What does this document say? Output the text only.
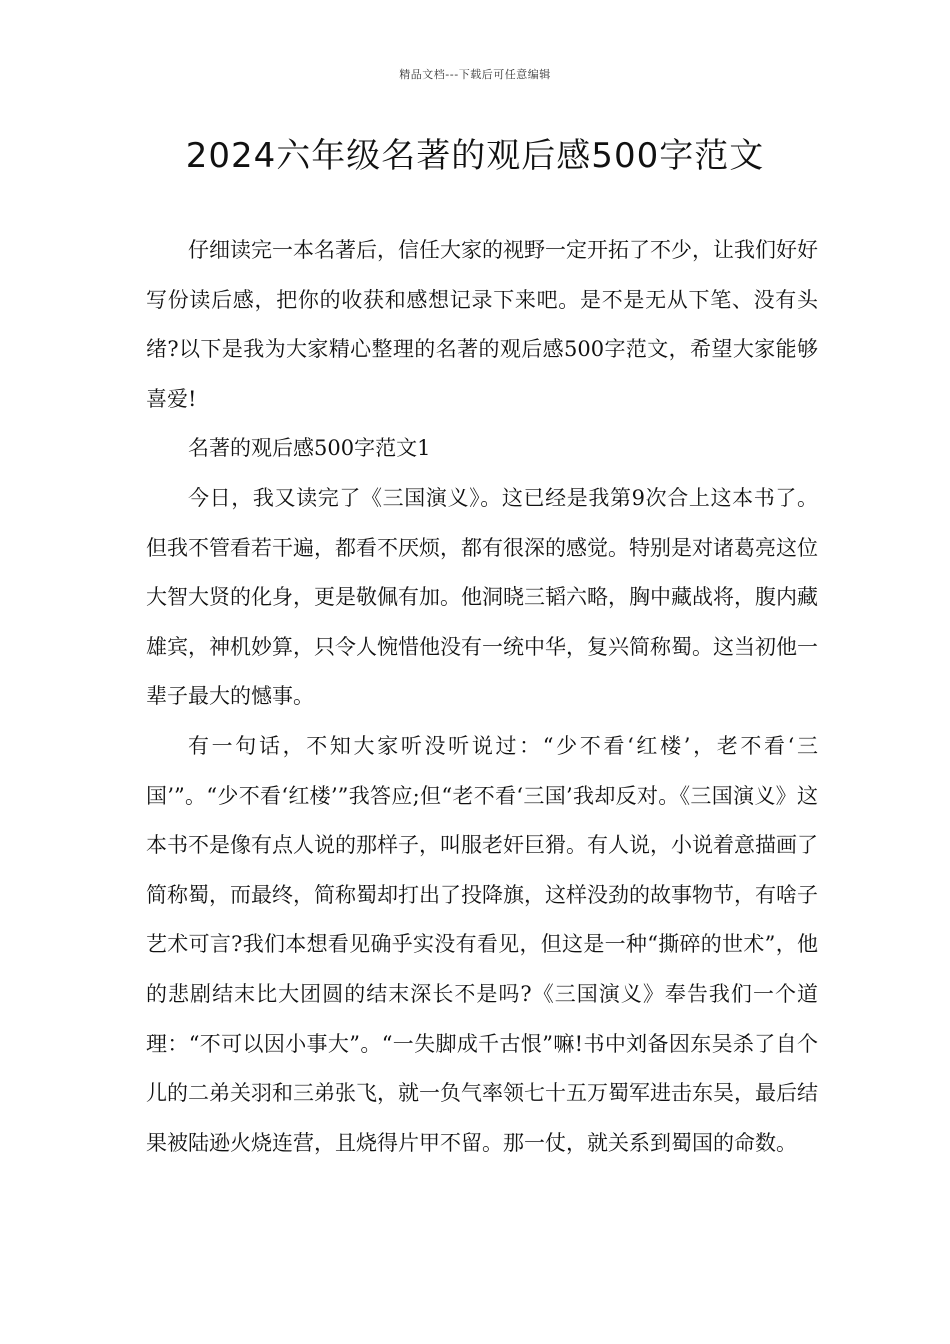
精品文档---下载后可任意编辑
2024六年级名著的观后感500字范文

仔细读完一本名著后，信任大家的视野一定开拓了不少，让我们好好写份读后感，把你的收获和感想记录下来吧。是不是无从下笔、没有头绪?以下是我为大家精心整理的名著的观后感500字范文，希望大家能够喜爱!

名著的观后感500字范文1

今日，我又读完了《三国演义》。这已经是我第9次合上这本书了。但我不管看若干遍，都看不厌烦，都有很深的感觉。特别是对诸葛亮这位大智大贤的化身，更是敬佩有加。他洞晓三韬六略，胸中藏战将，腹内藏雄宾，神机妙算，只令人惋惜他没有一统中华，复兴简称蜀。这当初他一辈子最大的憾事。

有一句话，不知大家听没听说过：“少不看‘红楼’，老不看‘三国’”。“少不看‘红楼’”我答应;但“老不看‘三国’我却反对。《三国演义》这本书不是像有点人说的那样子，叫服老奸巨猾。有人说，小说着意描画了简称蜀，而最终，简称蜀却打出了投降旗，这样没劲的故事物节，有啥子艺术可言?我们本想看见确乎实没有看见，但这是一种“撕碎的世术”，他的悲剧结末比大团圆的结末深长不是吗?《三国演义》奉告我们一个道理：“不可以因小事大”。“一失脚成千古恨”嘛!书中刘备因东吴杀了自个儿的二弟关羽和三弟张飞，就一负气率领七十五万蜀军进击东吴，最后结果被陆逊火烧连营，且烧得片甲不留。那一仗，就关系到蜀国的命数。
